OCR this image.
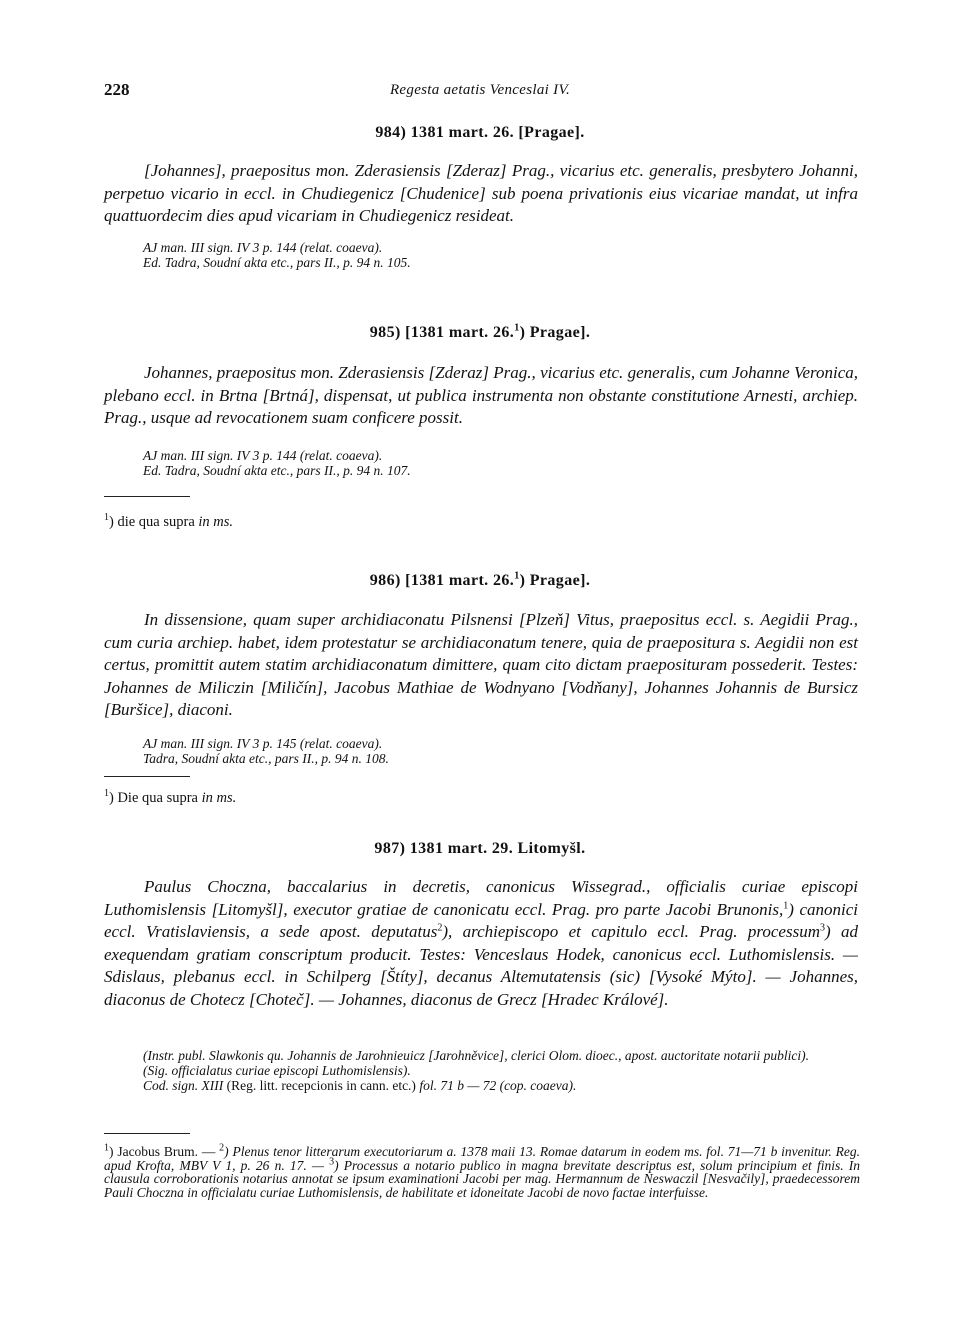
228	Regesta aetatis Venceslai IV.
984) 1381 mart. 26. [Pragae].
[Johannes], praepositus mon. Zderasiensis [Zderaz] Prag., vicarius etc. generalis, presbytero Johanni, perpetuo vicario in eccl. in Chudiegenicz [Chudenice] sub poena privationis eius vicariae mandat, ut infra quattuordecim dies apud vicariam in Chudiegenicz resideat.
AJ man. III sign. IV 3 p. 144 (relat. coaeva).
Ed. Tadra, Soudní akta etc., pars II., p. 94 n. 105.
985) [1381 mart. 26.$^1$) Pragae].
Johannes, praepositus mon. Zderasiensis [Zderaz] Prag., vicarius etc. generalis, cum Johanne Veronica, plebano eccl. in Brtna [Brtná], dispensat, ut publica instrumenta non obstante constitutione Arnesti, archiep. Prag., usque ad revocationem suam conficere possit.
AJ man. III sign. IV 3 p. 144 (relat. coaeva).
Ed. Tadra, Soudní akta etc., pars II., p. 94 n. 107.
$^1$) die qua supra in ms.
986) [1381 mart. 26.$^1$) Pragae].
In dissensione, quam super archidiaconatu Pilsnensi [Plzeň] Vitus, praepositus eccl. s. Aegidii Prag., cum curia archiep. habet, idem protestatur se archidiaconatum tenere, quia de praepositura s. Aegidii non est certus, promittit autem statim archidiaconatum dimittere, quam cito dictam praeposituram possederit. Testes: Johannes de Miliczin [Miličín], Jacobus Mathiae de Wodnyano [Vodňany], Johannes Johannis de Bursicz [Buršice], diaconi.
AJ man. III sign. IV 3 p. 145 (relat. coaeva).
Tadra, Soudní akta etc., pars II., p. 94 n. 108.
$^1$) Die qua supra in ms.
987) 1381 mart. 29. Litomyšl.
Paulus Choczna, baccalarius in decretis, canonicus Wissegrad., officialis curiae episcopi Luthomislensis [Litomyšl], executor gratiae de canonicatu eccl. Prag. pro parte Jacobi Brunonis,$^1$) canonici eccl. Vratislaviensis, a sede apost. deputatus$^2$), archiepiscopo et capitulo eccl. Prag. processum$^3$) ad exequendam gratiam conscriptum producit. Testes: Venceslaus Hodek, canonicus eccl. Luthomislensis. — Sdislaus, plebanus eccl. in Schilperg [Štíty], decanus Altemutatensis (sic) [Vysoké Mýto]. — Johannes, diaconus de Chotecz [Choteč]. — Johannes, diaconus de Grecz [Hradec Králové].
(Instr. publ. Slawkonis qu. Johannis de Jarohnieuicz [Jarohněvice], clerici Olom. dioec., apost. auctoritate notarii publici).
(Sig. officialatus curiae episcopi Luthomislensis).
Cod. sign. XIII (Reg. litt. recepcionis in cann. etc.) fol. 71 b — 72 (cop. coaeva).
$^1$) Jacobus Brum. — $^2$) Plenus tenor litterarum executoriarum a. 1378 maii 13. Romae datarum in eodem ms. fol. 71—71 b invenitur. Reg. apud Krofta, MBV V 1, p. 26 n. 17. — $^3$) Processus a notario publico in magna brevitate descriptus est, solum principium et finis. In clausula corroborationis notarius annotat se ipsum examinationi Jacobi per mag. Hermannum de Neswaczil [Nesvačily], praedecessorem Pauli Choczna in officialatu curiae Luthomislensis, de habilitate et idoneitate Jacobi de novo factae interfuisse.
